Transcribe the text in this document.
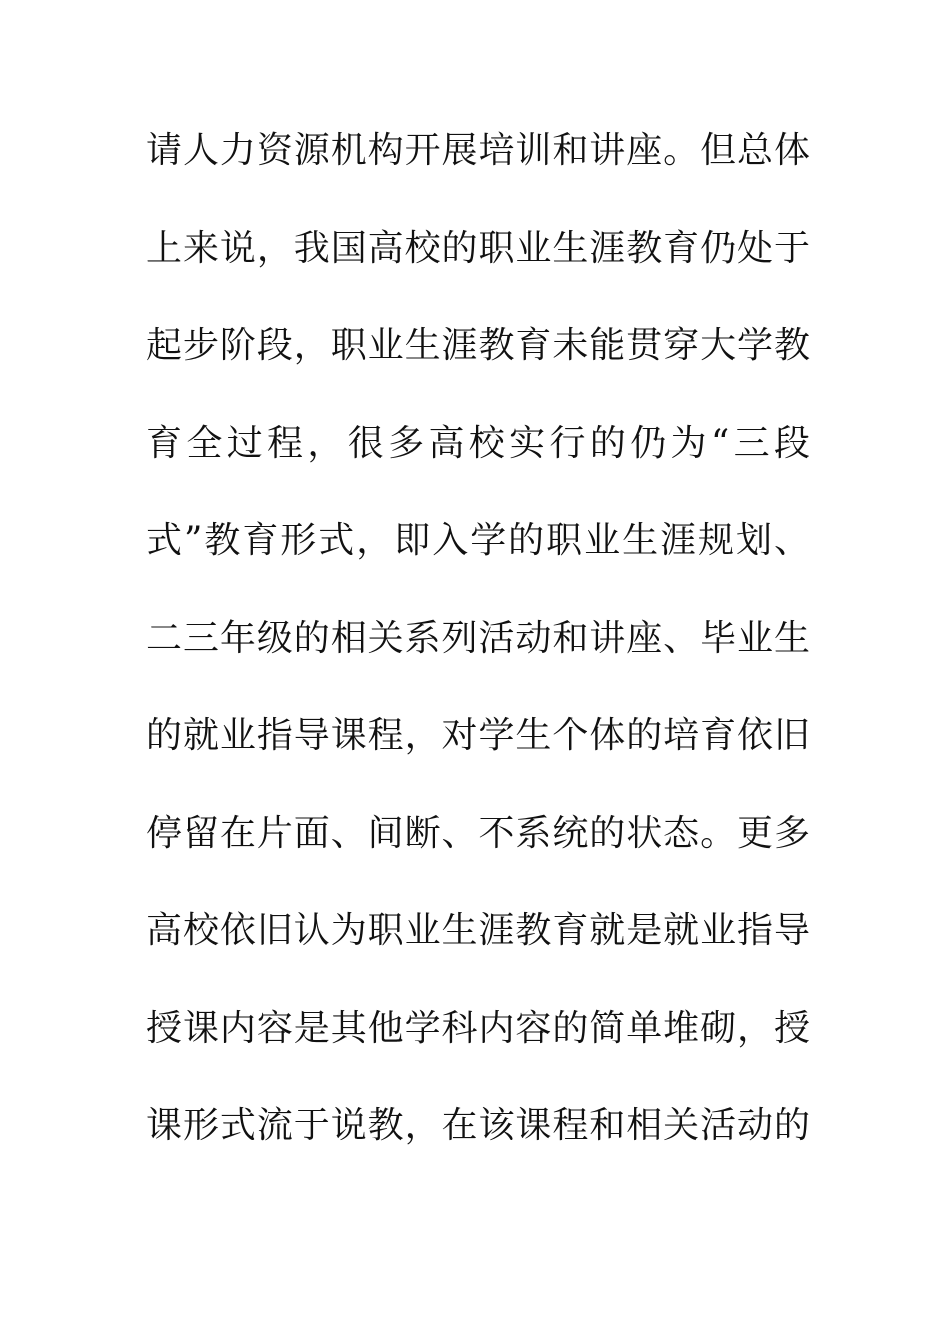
请人力资源机构开展培训和讲座。但总体
上来说，我国高校的职业生涯教育仍处于
起步阶段，职业生涯教育未能贯穿大学教
育全过程，很多高校实行的仍为“三段
式”教育形式，即入学的职业生涯规划、
二三年级的相关系列活动和讲座、毕业生
的就业指导课程，对学生个体的培育依旧
停留在片面、间断、不系统的状态。更多
高校依旧认为职业生涯教育就是就业指导
授课内容是其他学科内容的简单堆砌，授
课形式流于说教，在该课程和相关活动的
